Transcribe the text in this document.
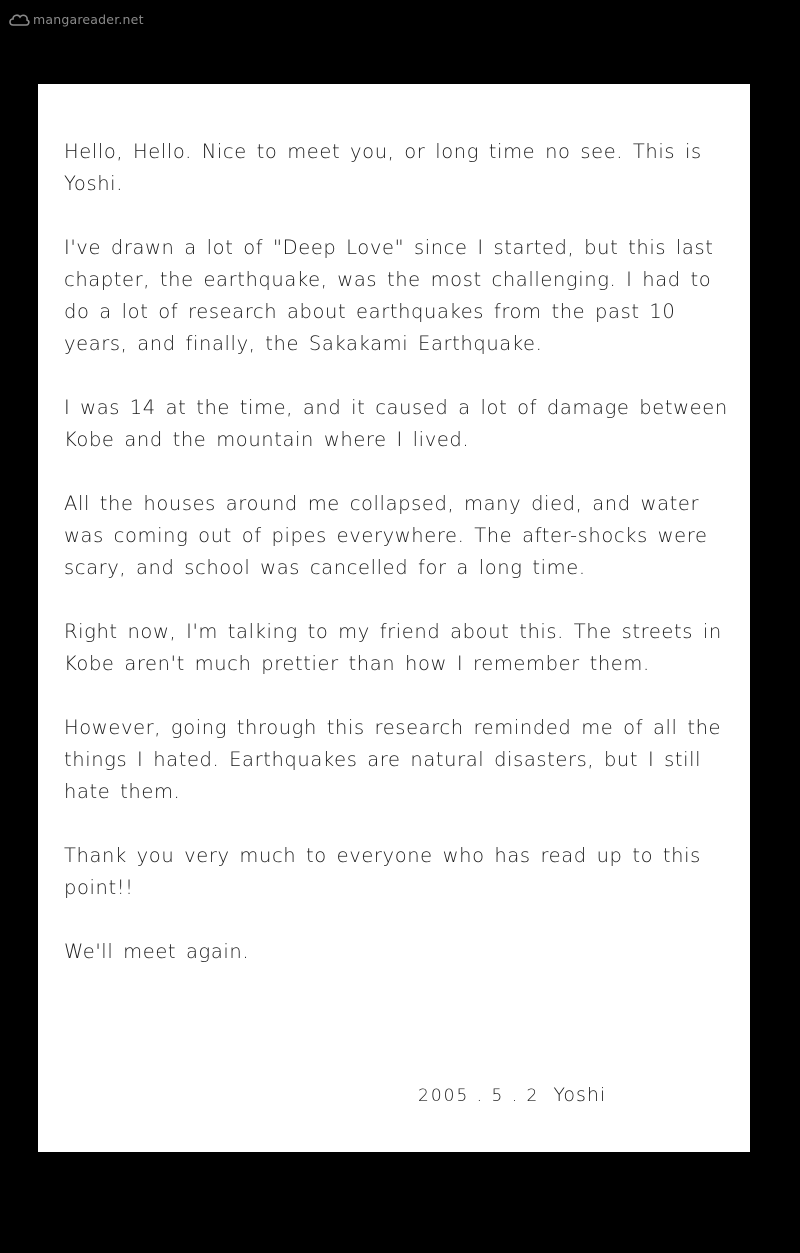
mangareader.net

Hello, Hello. Nice to meet you, or long time no see. This is Yoshi.

I've drawn a lot of "Deep Love" since I started, but this last chapter, the earthquake, was the most challenging. I had to do a lot of research about earthquakes from the past 10 years, and finally, the Sakakami Earthquake.

I was 14 at the time, and it caused a lot of damage between Kobe and the mountain where I lived.

All the houses around me collapsed, many died, and water was coming out of pipes everywhere. The after-shocks were scary, and school was cancelled for a long time.

Right now, I'm talking to my friend about this. The streets in Kobe aren't much prettier than how I remember them.

However, going through this research reminded me of all the things I hated. Earthquakes are natural disasters, but I still hate them.

Thank you very much to everyone who has read up to this point!!

We'll meet again.

2005 . 5 . 2 Yoshi
